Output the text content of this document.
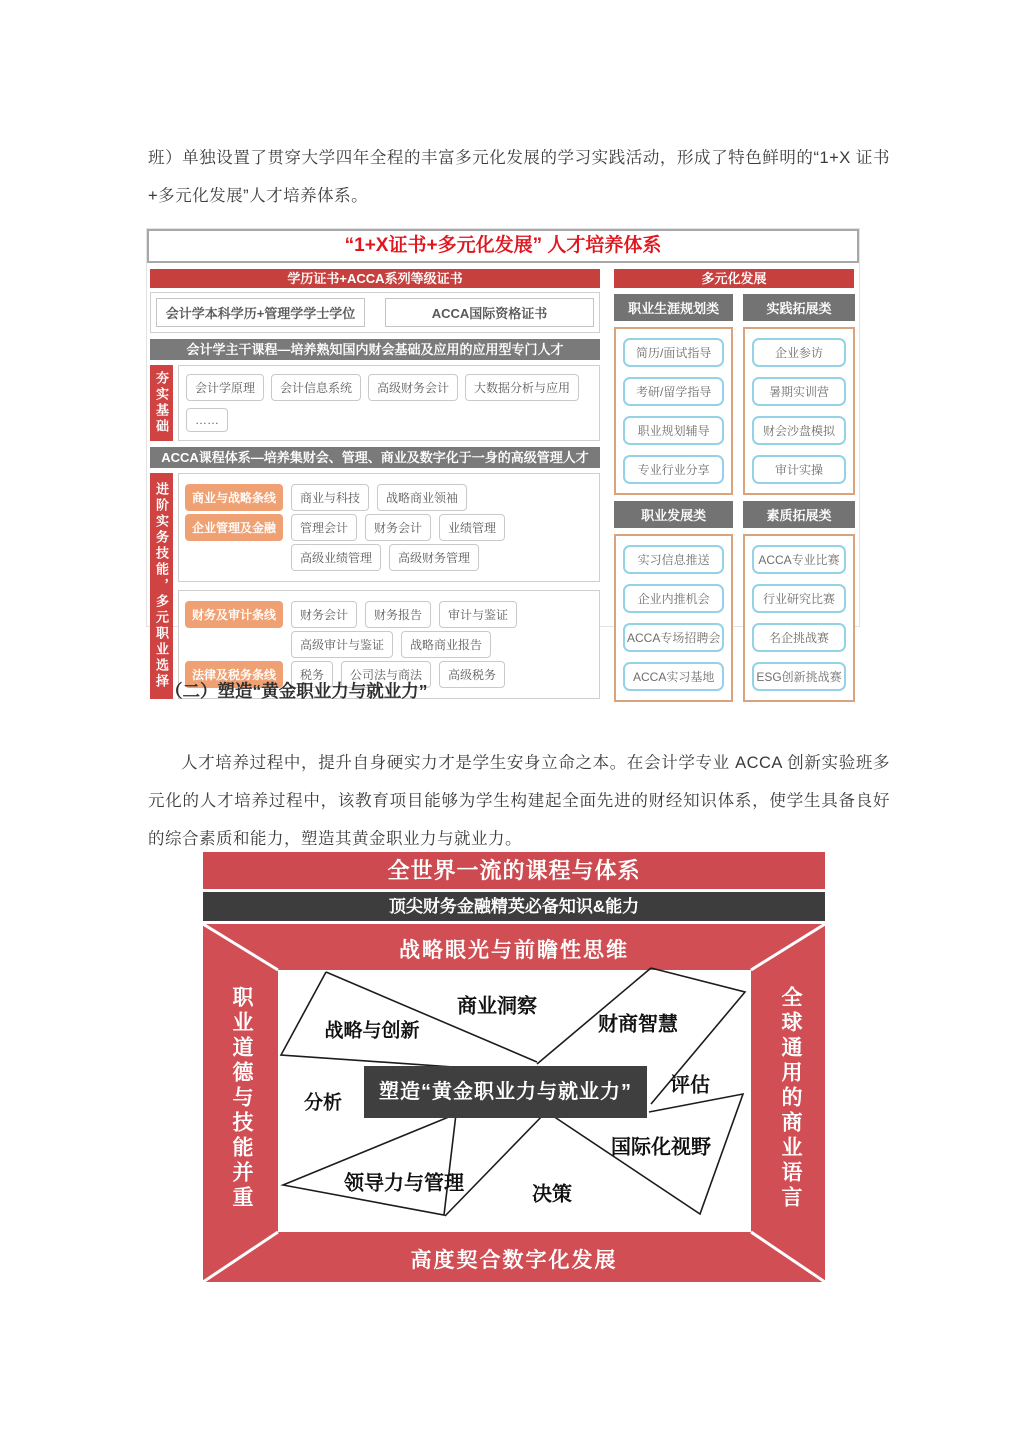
班）单独设置了贯穿大学四年全程的丰富多元化发展的学习实践活动，形成了特色鲜明的“1+X 证书+多元化发展”人才培养体系。

“1+X证书+多元化发展” 人才培养体系
学历证书+ACCA系列等级证书
会计学本科学历+管理学学士学位	ACCA国际资格证书
会计学主干课程—培养熟知国内财会基础及应用的应用型专门人才
夯实基础	会计学原理	会计信息系统	高级财务会计	大数据分析与应用
……
ACCA课程体系—培养集财会、管理、商业及数字化于一身的高级管理人才
进阶实务技能，多元职业选择	商业与战略条线	商业与科技	战略商业领袖
企业管理及金融	管理会计	财务会计	业绩管理
高级业绩管理	高级财务管理
财务及审计条线	财务会计	财务报告	审计与鉴证
高级审计与鉴证	战略商业报告
法律及税务条线	税务	公司法与商法	高级税务
多元化发展
职业生涯规划类	实践拓展类
简历/面试指导
考研/留学指导
职业规划辅导
专业行业分享
企业参访
暑期实训营
财会沙盘模拟
审计实操
职业发展类	素质拓展类
实习信息推送
企业内推机会
ACCA专场招聘会
ACCA实习基地
ACCA专业比赛
行业研究比赛
名企挑战赛
ESG创新挑战赛
（二）塑造“黄金职业力与就业力”

人才培养过程中，提升自身硬实力才是学生安身立命之本。在会计学专业 ACCA 创新实验班多元化的人才培养过程中，该教育项目能够为学生构建起全面先进的财经知识体系，使学生具备良好的综合素质和能力，塑造其黄金职业力与就业力。

全世界一流的课程与体系
顶尖财务金融精英必备知识&能力
战略眼光与前瞻性思维
高度契合数字化发展
职业道德与技能并重	全球通用的商业语言
商业洞察
战略与创新	财商智慧
分析
评估
国际化视野
领导力与管理	决策
塑造“黄金职业力与就业力”
